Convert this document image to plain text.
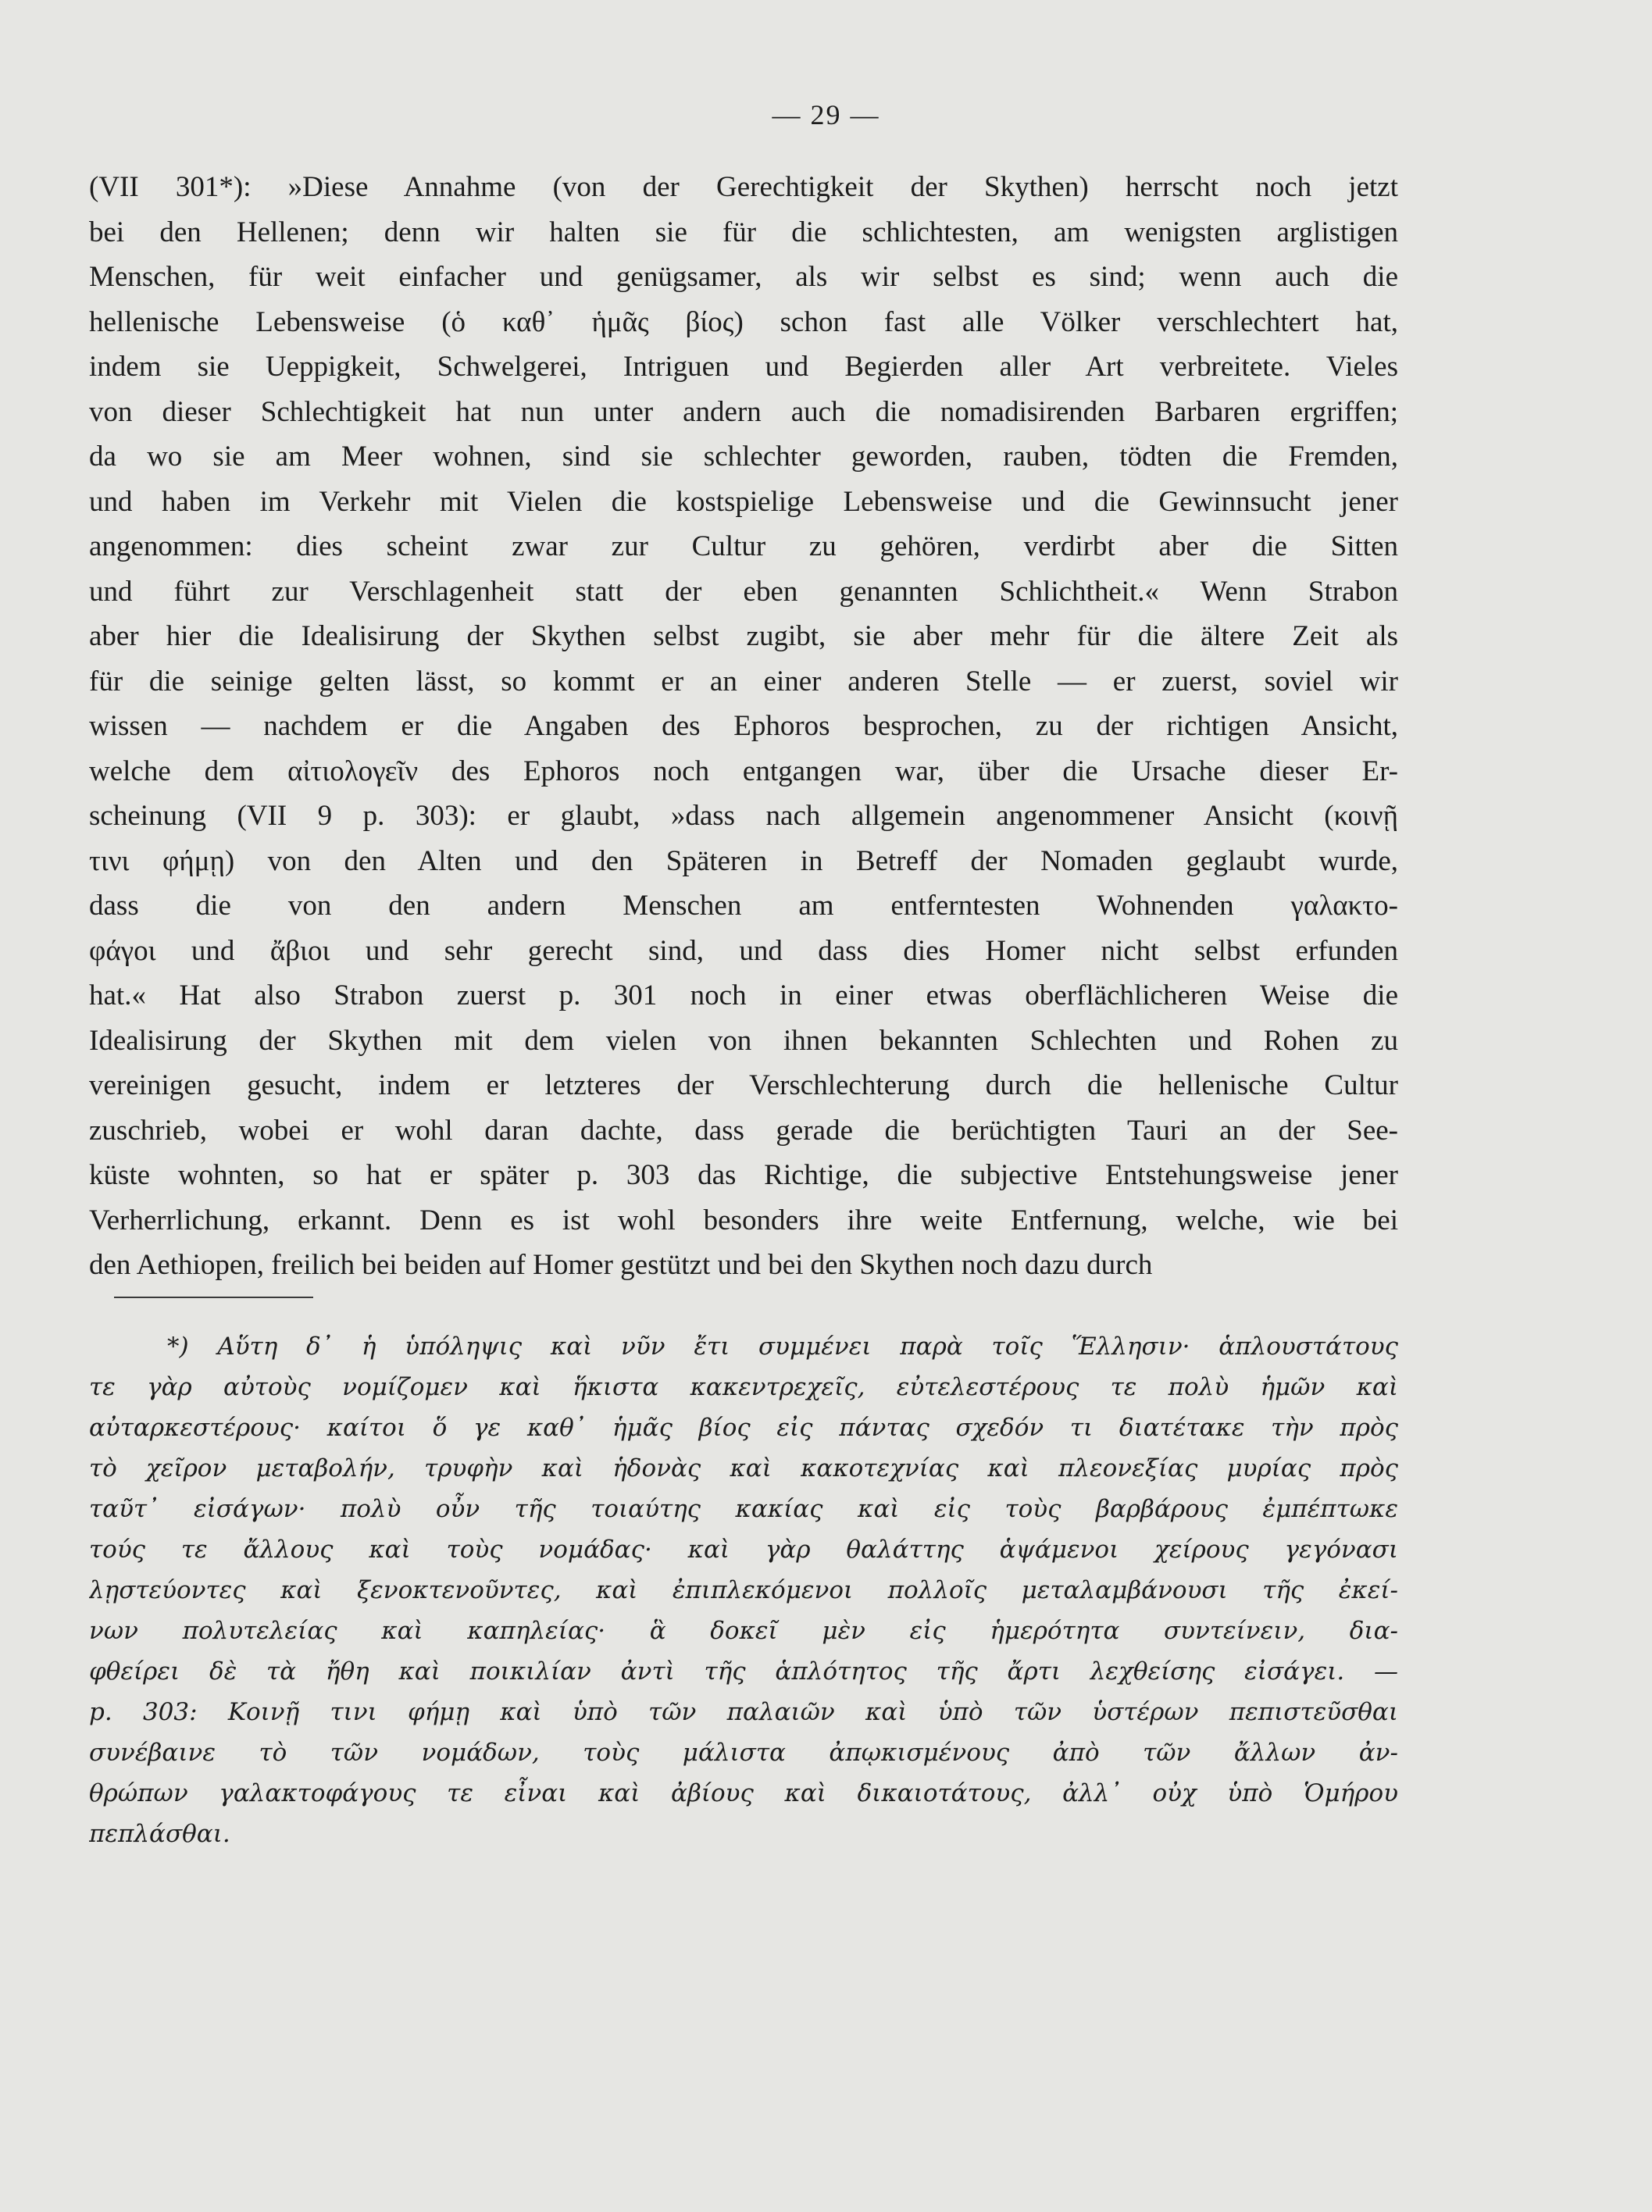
— 29 —
(VII 301*): »Diese Annahme (von der Gerechtigkeit der Skythen) herrscht noch jetzt
bei den Hellenen; denn wir halten sie für die schlichtesten, am wenigsten arglistigen
Menschen, für weit einfacher und genügsamer, als wir selbst es sind; wenn auch die
hellenische Lebensweise (ὁ καθ᾽ ἡμᾶς βίος) schon fast alle Völker verschlechtert hat,
indem sie Ueppigkeit, Schwelgerei, Intriguen und Begierden aller Art verbreitete. Vieles
von dieser Schlechtigkeit hat nun unter andern auch die nomadisirenden Barbaren ergriffen;
da wo sie am Meer wohnen, sind sie schlechter geworden, rauben, tödten die Fremden,
und haben im Verkehr mit Vielen die kostspielige Lebensweise und die Gewinnsucht jener
angenommen: dies scheint zwar zur Cultur zu gehören, verdirbt aber die Sitten
und führt zur Verschlagenheit statt der eben genannten Schlichtheit.« Wenn Strabon
aber hier die Idealisirung der Skythen selbst zugibt, sie aber mehr für die ältere Zeit als
für die seinige gelten lässt, so kommt er an einer anderen Stelle — er zuerst, soviel wir
wissen — nachdem er die Angaben des Ephoros besprochen, zu der richtigen Ansicht,
welche dem αἰτιολογεῖν des Ephoros noch entgangen war, über die Ursache dieser Er-
scheinung (VII 9 p. 303): er glaubt, »dass nach allgemein angenommener Ansicht (κοινῇ
τινι φήμῃ) von den Alten und den Späteren in Betreff der Nomaden geglaubt wurde,
dass die von den andern Menschen am entferntesten Wohnenden γαλακτο-
φάγοι und ἄβιοι und sehr gerecht sind, und dass dies Homer nicht selbst erfunden
hat.« Hat also Strabon zuerst p. 301 noch in einer etwas oberflächlicheren Weise die
Idealisirung der Skythen mit dem vielen von ihnen bekannten Schlechten und Rohen zu
vereinigen gesucht, indem er letzteres der Verschlechterung durch die hellenische Cultur
zuschrieb, wobei er wohl daran dachte, dass gerade die berüchtigten Tauri an der See-
küste wohnten, so hat er später p. 303 das Richtige, die subjective Entstehungsweise jener
Verherrlichung, erkannt. Denn es ist wohl besonders ihre weite Entfernung, welche, wie bei
den Aethiopen, freilich bei beiden auf Homer gestützt und bei den Skythen noch dazu durch
*) Αὕτη δ᾽ ἡ ὑπόληψις καὶ νῦν ἔτι συμμένει παρὰ τοῖς Ἕλλησιν· ἁπλουστάτους
τε γὰρ αὐτοὺς νομίζομεν καὶ ἥκιστα κακεντρεχεῖς, εὐτελεστέρους τε πολὺ ἡμῶν καὶ
αὐταρκεστέρους· καίτοι ὅ γε καθ᾽ ἡμᾶς βίος εἰς πάντας σχεδόν τι διατέτακε τὴν πρὸς
τὸ χεῖρον μεταβολήν, τρυφὴν καὶ ἡδονὰς καὶ κακοτεχνίας καὶ πλεονεξίας μυρίας πρὸς
ταῦτ᾽ εἰσάγων· πολὺ οὖν τῆς τοιαύτης κακίας καὶ εἰς τοὺς βαρβάρους ἐμπέπτωκε
τούς τε ἄλλους καὶ τοὺς νομάδας· καὶ γὰρ θαλάττης ἁψάμενοι χείρους γεγόνασι
λῃστεύοντες καὶ ξενοκτενοῦντες, καὶ ἐπιπλεκόμενοι πολλοῖς μεταλαμβάνουσι τῆς ἐκεί-
νων πολυτελείας καὶ καπηλείας· ἃ δοκεῖ μὲν εἰς ἡμερότητα συντείνειν, δια-
φθείρει δὲ τὰ ἤθη καὶ ποικιλίαν ἀντὶ τῆς ἁπλότητος τῆς ἄρτι λεχθείσης εἰσάγει. —
p. 303: Κοινῇ τινι φήμῃ καὶ ὑπὸ τῶν παλαιῶν καὶ ὑπὸ τῶν ὑστέρων πεπιστεῦσθαι
συνέβαινε τὸ τῶν νομάδων, τοὺς μάλιστα ἀπῳκισμένους ἀπὸ τῶν ἄλλων ἀν-
θρώπων γαλακτοφάγους τε εἶναι καὶ ἀβίους καὶ δικαιοτάτους, ἀλλ᾽ οὐχ ὑπὸ Ὁμήρου
πεπλάσθαι.
